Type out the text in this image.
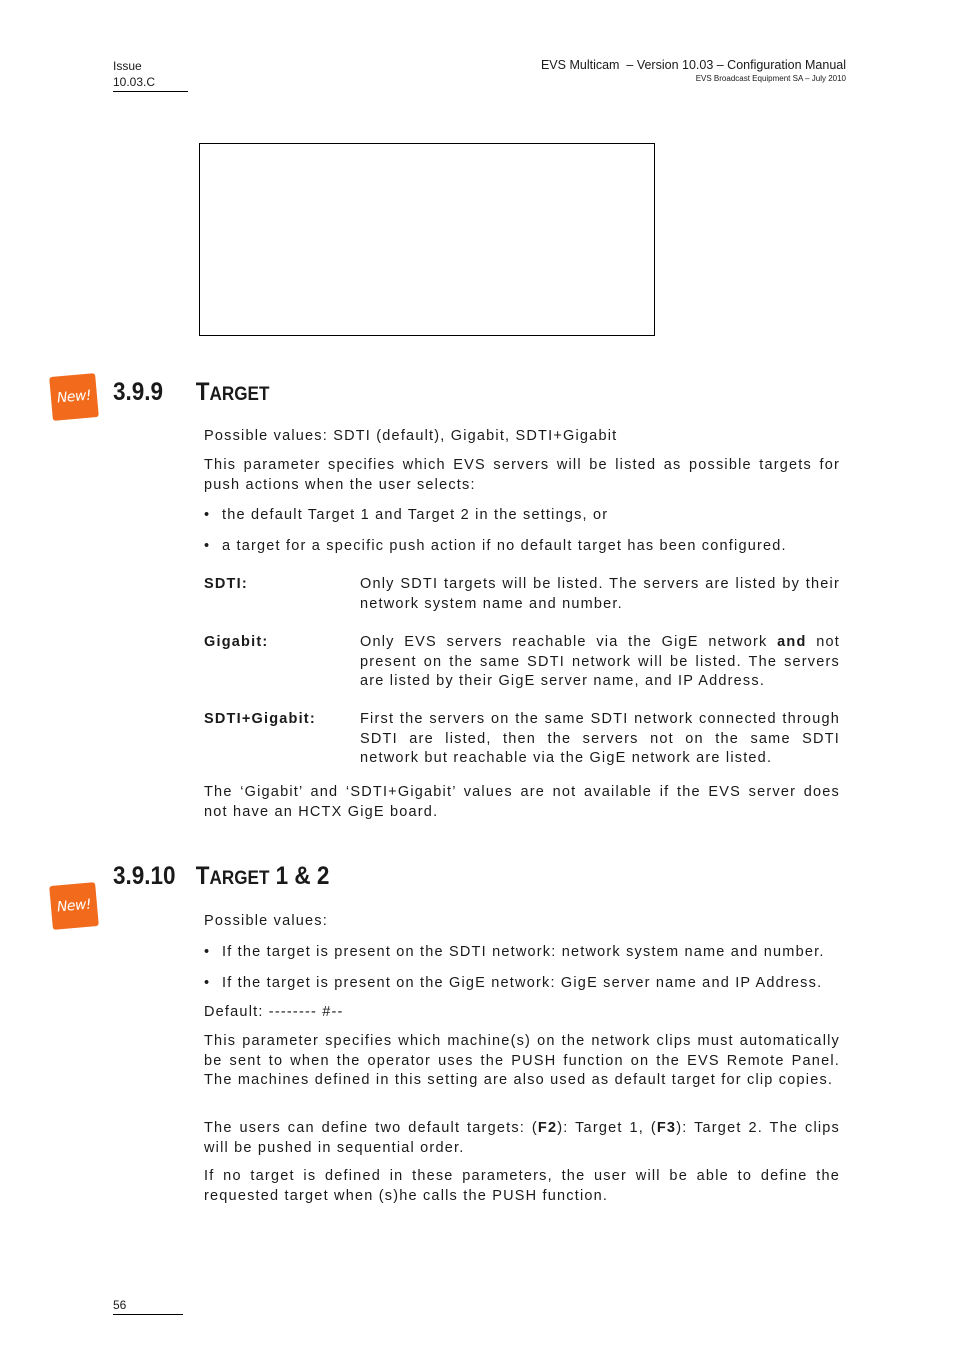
Issue
10.03.C
EVS Multicam  – Version 10.03 – Configuration Manual
EVS Broadcast Equipment SA – July 2010
New! 3.9.9 TARGET

Possible values: SDTI (default), Gigabit, SDTI+Gigabit

This parameter specifies which EVS servers will be listed as possible targets for push actions when the user selects:

• the default Target 1 and Target 2 in the settings, or
• a target for a specific push action if no default target has been configured.
SDTI:	Only SDTI targets will be listed. The servers are listed by their network system name and number.
Gigabit:	Only EVS servers reachable via the GigE network and not present on the same SDTI network will be listed. The servers are listed by their GigE server name, and IP Address.
SDTI+Gigabit:	First the servers on the same SDTI network connected through SDTI are listed, then the servers not on the same SDTI network but reachable via the GigE network are listed.

The ‘Gigabit’ and ‘SDTI+Gigabit’ values are not available if the EVS server does not have an HCTX GigE board.

New!
3.9.10 TARGET 1 & 2

Possible values:

• If the target is present on the SDTI network: network system name and number.
• If the target is present on the GigE network: GigE server name and IP Address.

Default: -------- #--

This parameter specifies which machine(s) on the network clips must automatically be sent to when the operator uses the PUSH function on the EVS Remote Panel. The machines defined in this setting are also used as default target for clip copies.

The users can define two default targets: (F2): Target 1, (F3): Target 2. The clips will be pushed in sequential order.

If no target is defined in these parameters, the user will be able to define the requested target when (s)he calls the PUSH function.

56
